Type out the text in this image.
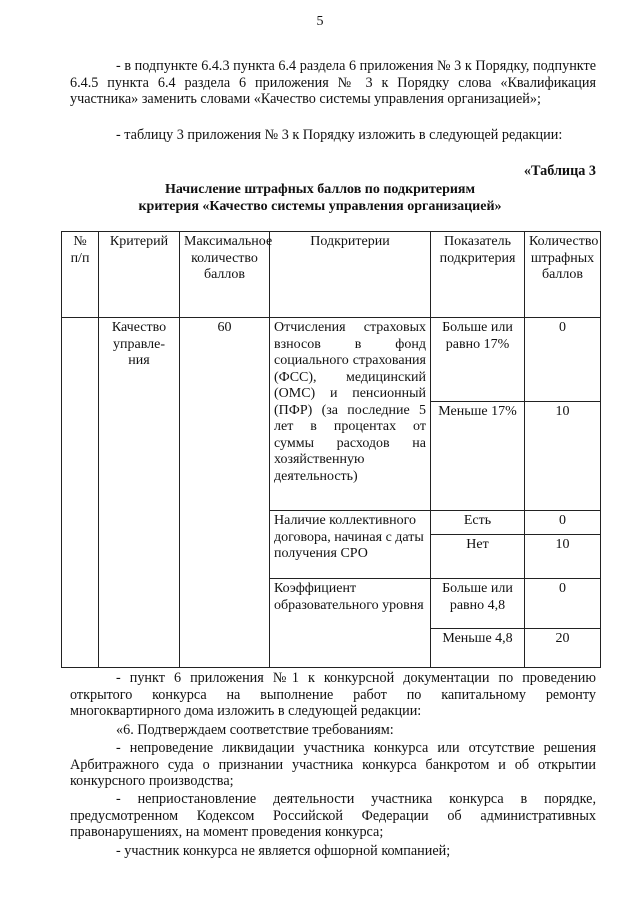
5
- в подпункте 6.4.3 пункта 6.4 раздела 6 приложения № 3 к Порядку, подпункте 6.4.5 пункта 6.4 раздела 6 приложения № 3 к Порядку слова «Квалификация участника» заменить словами «Качество системы управления организацией»;
- таблицу 3 приложения № 3 к Порядку изложить в следующей редакции:
«Таблица 3
Начисление штрафных баллов по подкритериям
критерия «Качество системы управления организацией»
№ п/п	Критерий	Максимальное количество баллов	Подкритерии	Показатель подкритерия	Количество штрафных баллов
	Качество управле-ния	60	Отчисления страховых взносов в фонд социального страхования (ФСС), медицинский (ОМС) и пенсионный (ПФР) (за последние 5 лет в процентах от суммы расходов на хозяйственную деятельность)	Больше или равно 17%	0
				Меньше 17%	10
			Наличие коллективного договора, начиная с даты получения СРО	Есть	0
				Нет	10
			Коэффициент образовательного уровня	Больше или равно 4,8	0
				Меньше 4,8	20
- пункт 6 приложения №1 к конкурсной документации по проведению открытого конкурса на выполнение работ по капитальному ремонту многоквартирного дома изложить в следующей редакции:
«6. Подтверждаем соответствие требованиям:
- непроведение ликвидации участника конкурса или отсутствие решения Арбитражного суда о признании участника конкурса банкротом и об открытии конкурсного производства;
- неприостановление деятельности участника конкурса в порядке, предусмотренном Кодексом Российской Федерации об административных правонарушениях, на момент проведения конкурса;
- участник конкурса не является офшорной компанией;
